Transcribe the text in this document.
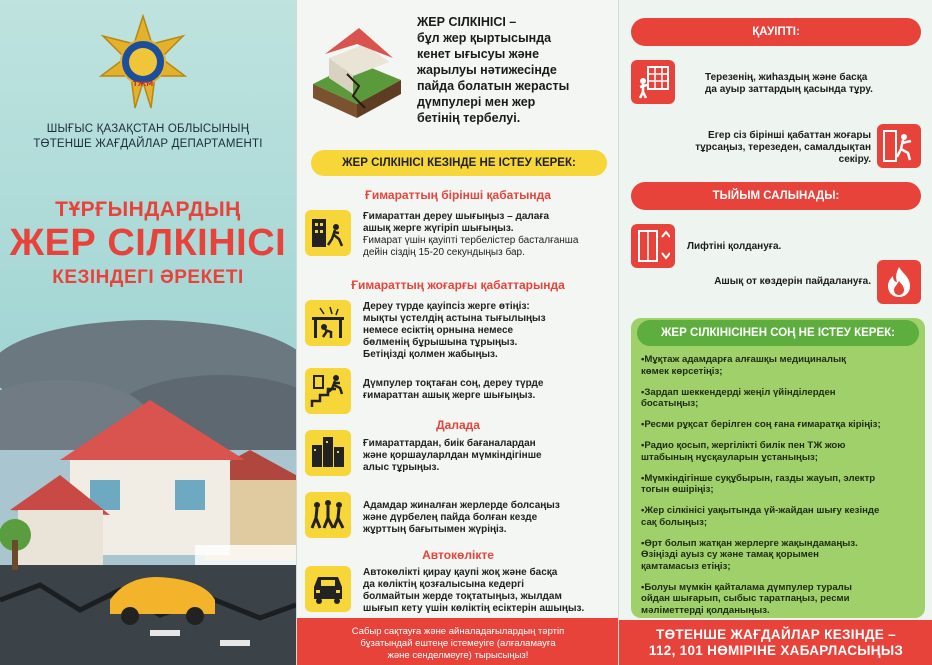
ТЖМ
ШЫҒЫС ҚАЗАҚСТАН ОБЛЫСЫНЫҢ
ТӨТЕНШЕ ЖАҒДАЙЛАР ДЕПАРТАМЕНТІ
ТҰРҒЫНДАРДЫҢ
ЖЕР СІЛКІНІСІ
КЕЗІНДЕГІ ӘРЕКЕТІ
ЖЕР СІЛКІНІСІ –
бұл жер қыртысында
кенет ығысуы және
жарылуы нәтижесінде
пайда болатын жерасты
дүмпулері мен жер
бетінің тербелуі.
ЖЕР СІЛКІНІСІ КЕЗІНДЕ НЕ ІСТЕУ КЕРЕК:
Ғимараттың бірінші қабатында
Ғимараттан дереу шығыңыз – далаға
ашық жерге жүгіріп шығыңыз.
Ғимарат үшін қауіпті тербелістер басталғанша
дейін сіздің 15-20 секундыңыз бар.
Ғимараттың жоғарғы қабаттарында
Дереу түрде қауіпсіз жерге өтіңіз:
мықты үстелдің астына тығылыңыз
немесе есіктің орнына немесе
бөлменің бұрышына тұрыңыз.
Бетіңізді қолмен жабыңыз.
Дүмпулер тоқтаған соң, дереу түрде
ғимараттан ашық жерге шығыңыз.
Далада
Ғимараттардан, биік бағаналардан
және қоршауларлдан мүмкіндігінше
алыс тұрыңыз.
Адамдар жиналған жерлерде болсаңыз
және дүрбелең пайда болған кезде
жұрттың бағытымен жүріңіз.
Автокөлікте
Автокөлікті қирау қаупі жоқ және басқа
да көліктің қозғалысына кедергі
болмайтын жерде тоқтатыңыз, жылдам
шығып кету үшін көліктің есіктерін ашыңыз.
Сабыр сақтауға және айналадағылардың тәртіп
бұзатындай ештеңе істемеуіге (алғаламауға
және сенделмеуге) тырысыңыз!
ҚАУІПТІ:
Терезенің, жиһаздың және басқа
да ауыр заттардың қасында тұру.
Егер сіз бірінші қабаттан жоғары
тұрсаңыз, терезеден, самалдықтан
секіру.
ТЫЙЫМ САЛЫНАДЫ:
Лифтіні қолдануға.
Ашық от көздерін пайдалануға.
ЖЕР СІЛКІНІСІНЕН СОҢ НЕ ІСТЕУ КЕРЕК:
•Мұқтаж адамдарға алғашқы медициналық
көмек көрсетіңіз;
•Зардап шеккендерді жеңіл үйінділерден
босатыңыз;
•Ресми рұқсат берілген соң ғана ғимаратқа кіріңіз;
•Радио қосып, жергілікті билік пен ТЖ жою
штабының нұсқауларын ұстаныңыз;
•Мүмкіндігінше суқұбырын, газды жауып, электр
тогын өшіріңіз;
•Жер сілкінісі уақытында үй-жайдан шығу кезінде
сақ болыңыз;
•Өрт болып жатқан жерлерге жақындамаңыз.
Өзіңізді ауыз су және тамақ қорымен
қамтамасыз етіңіз;
•Болуы мүмкін қайталама дүмпулер туралы
ойдан шығарып, сыбыс таратпаңыз, ресми
мәліметтерді қолданыңыз.
ТӨТЕНШЕ ЖАҒДАЙЛАР КЕЗІНДЕ –
112, 101 НӨМІРІНЕ ХАБАРЛАСЫҢЫЗ
